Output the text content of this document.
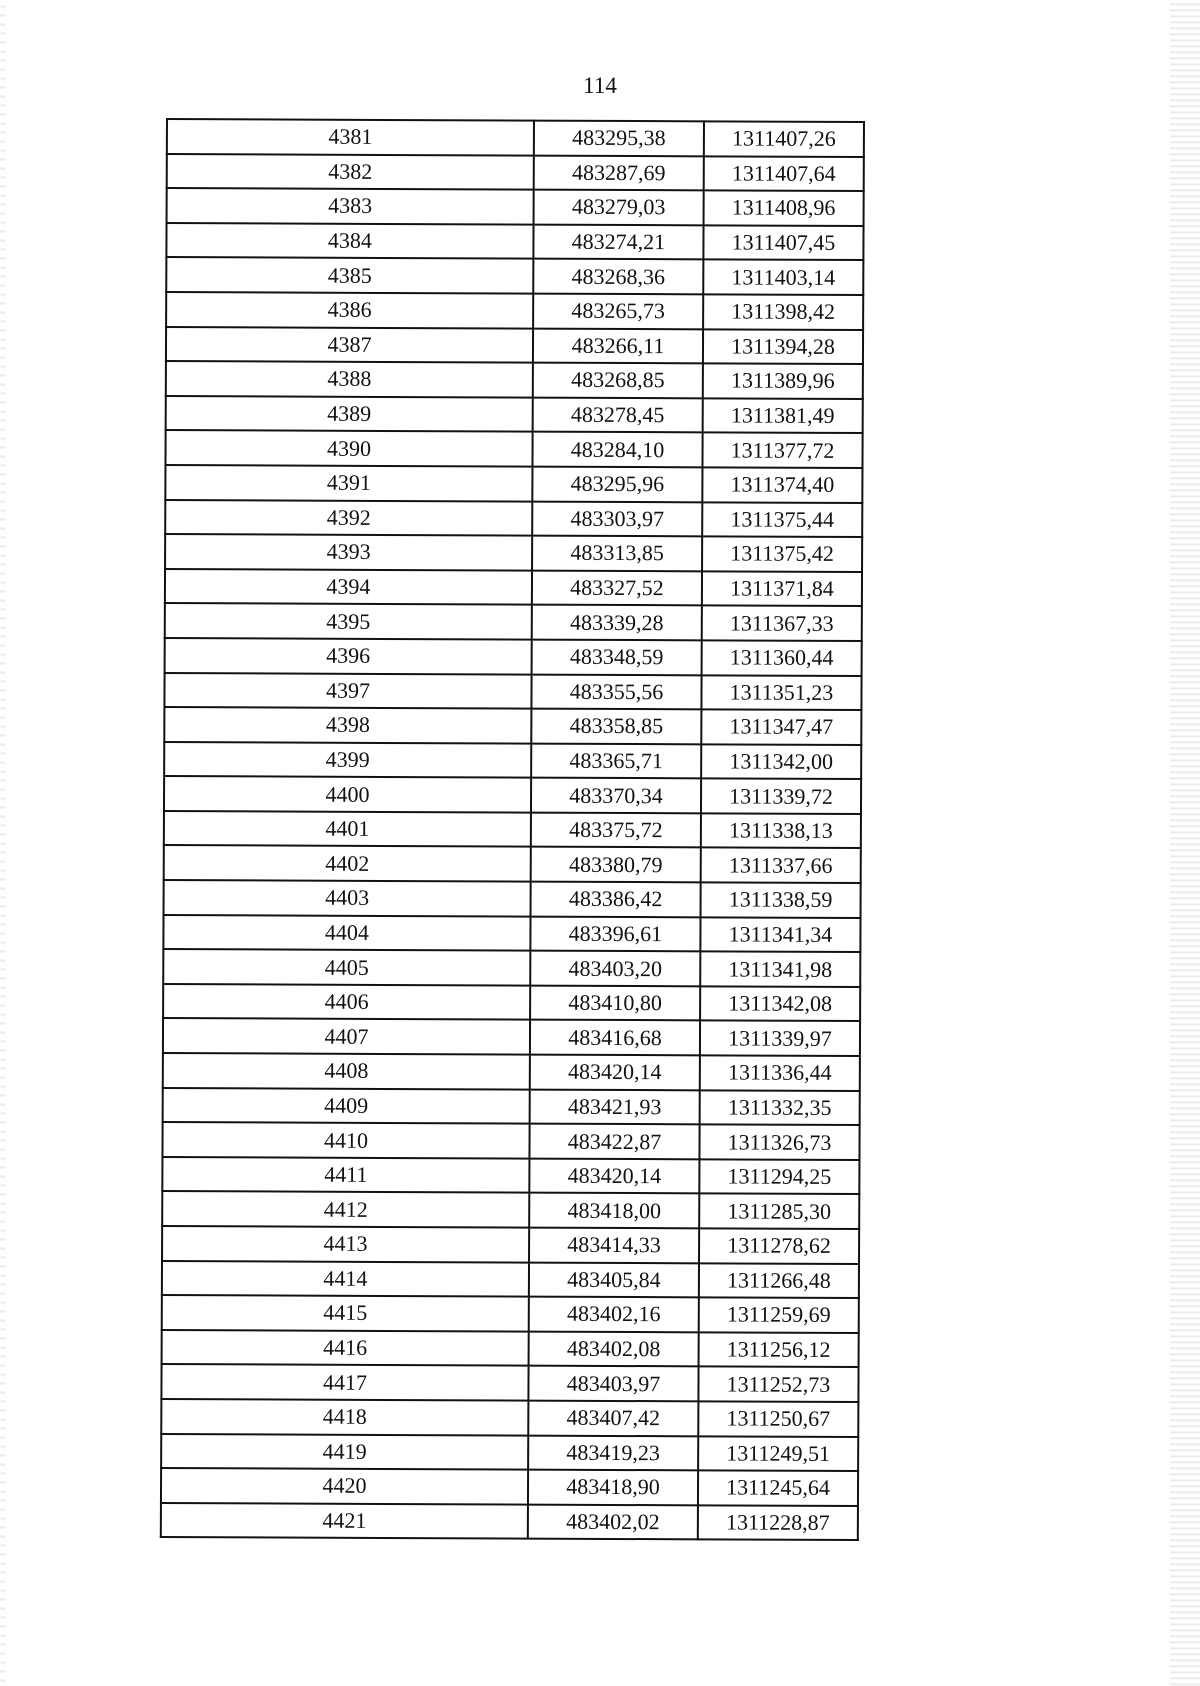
114
4381	483295,38	1311407,26
4382	483287,69	1311407,64
4383	483279,03	1311408,96
4384	483274,21	1311407,45
4385	483268,36	1311403,14
4386	483265,73	1311398,42
4387	483266,11	1311394,28
4388	483268,85	1311389,96
4389	483278,45	1311381,49
4390	483284,10	1311377,72
4391	483295,96	1311374,40
4392	483303,97	1311375,44
4393	483313,85	1311375,42
4394	483327,52	1311371,84
4395	483339,28	1311367,33
4396	483348,59	1311360,44
4397	483355,56	1311351,23
4398	483358,85	1311347,47
4399	483365,71	1311342,00
4400	483370,34	1311339,72
4401	483375,72	1311338,13
4402	483380,79	1311337,66
4403	483386,42	1311338,59
4404	483396,61	1311341,34
4405	483403,20	1311341,98
4406	483410,80	1311342,08
4407	483416,68	1311339,97
4408	483420,14	1311336,44
4409	483421,93	1311332,35
4410	483422,87	1311326,73
4411	483420,14	1311294,25
4412	483418,00	1311285,30
4413	483414,33	1311278,62
4414	483405,84	1311266,48
4415	483402,16	1311259,69
4416	483402,08	1311256,12
4417	483403,97	1311252,73
4418	483407,42	1311250,67
4419	483419,23	1311249,51
4420	483418,90	1311245,64
4421	483402,02	1311228,87
